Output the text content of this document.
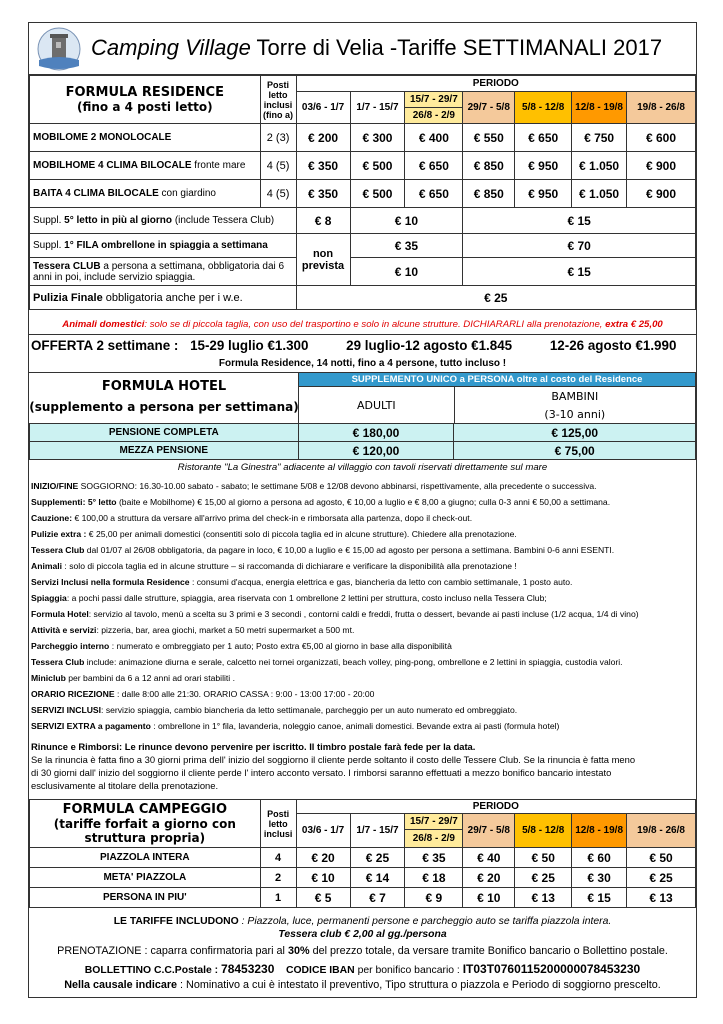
Camping Village Torre di Velia -Tariffe SETTIMANALI 2017
FORMULA RESIDENCE
(fino a 4 posti letto)	Posti letto inclusi (fino a)	PERIODO						
		03/6 - 1/7	1/7 - 15/7	15/7 - 29/7	29/7 - 5/8	5/8 - 12/8	12/8 - 19/8	19/8 - 26/8
				26/8 - 2/9				
MOBILOME 2 MONOLOCALE	2 (3)	€ 200	€ 300	€ 400	€ 550	€ 650	€ 750	€ 600
MOBILHOME 4 CLIMA BILOCALE fronte mare	4 (5)	€ 350	€ 500	€ 650	€ 850	€ 950	€ 1.050	€ 900
BAITA 4 CLIMA BILOCALE con giardino	4 (5)	€ 350	€ 500	€ 650	€ 850	€ 950	€ 1.050	€ 900
Suppl. 5° letto in più al giorno (include Tessera Club)		€ 8	€ 10		€ 15			
Suppl. 1° FILA ombrellone in spiaggia a settimana		non prevista	€ 35		€ 70			
Tessera CLUB a persona a settimana, obbligatoria dai 6 anni in poi, include servizio spiaggia.			€ 10		€ 15			
Pulizia Finale obbligatoria anche per i w.e.		€ 25						
Animali domestici: solo se di piccola taglia, con uso del trasportino e solo in alcune strutture. DICHIARARLI alla prenotazione, extra € 25,00
OFFERTA 2 settimane : 15-29 luglio €1.300	29 luglio-12 agosto €1.845	12-26 agosto €1.990
Formula Residence, 14 notti, fino a 4 persone, tutto incluso !
FORMULA HOTEL
(supplemento a persona per settimana)
SUPPLEMENTO UNICO a PERSONA oltre al costo del Residence
ADULTI	
BAMBINI
(3-10 anni)
PENSIONE COMPLETA	€ 180,00	€ 125,00
MEZZA PENSIONE	€ 120,00	€ 75,00
Ristorante "La Ginestra" adiacente al villaggio con tavoli riservati direttamente sul mare
INIZIO/FINE SOGGIORNO: 16.30-10.00 sabato - sabato; le settimane 5/08 e 12/08 devono abbinarsi, rispettivamente, alla precedente o successiva.
Supplementi: 5° letto (baite e Mobilhome) € 15,00 al giorno a persona ad agosto, € 10,00 a luglio e € 8,00 a giugno; culla 0-3 anni € 50,00 a settimana.
Cauzione: € 100,00 a struttura da versare all'arrivo prima del check-in e rimborsata alla partenza, dopo il check-out.
Pulizie extra : € 25,00 per animali domestici (consentiti solo di piccola taglia ed in alcune strutture). Chiedere alla prenotazione.
Tessera Club dal 01/07 al 26/08 obbligatoria, da pagare in loco, € 10,00 a luglio e € 15,00 ad agosto per persona a settimana. Bambini 0-6 anni ESENTI.
Animali : solo di piccola taglia ed in alcune strutture – si raccomanda di dichiarare e verificare la disponibilità alla prenotazione !
Servizi Inclusi nella formula Residence : consumi d'acqua, energia elettrica e gas, biancheria da letto con cambio settimanale, 1 posto auto.
Spiaggia: a pochi passi dalle strutture, spiaggia, area riservata con 1 ombrellone 2 lettini per struttura, costo incluso nella Tessera Club;
Formula Hotel: servizio al tavolo, menù a scelta su 3 primi e 3 secondi , contorni caldi e freddi, frutta o dessert, bevande ai pasti incluse (1/2 acqua, 1/4 di vino)
Attività e servizi: pizzeria, bar, area giochi, market a 50 metri supermarket a 500 mt.
Parcheggio interno : numerato e ombreggiato per 1 auto; Posto extra €5,00 al giorno in base alla disponibilità
Tessera Club include: animazione diurna e serale, calcetto nei tornei organizzati, beach volley, ping-pong, ombrellone e 2 lettini in spiaggia, custodia valori.
Miniclub per bambini da 6 a 12 anni ad orari stabiliti .
ORARIO RICEZIONE : dalle 8:00 alle 21:30. ORARIO CASSA : 9:00 - 13:00 17:00 - 20:00
SERVIZI INCLUSI: servizio spiaggia, cambio biancheria da letto settimanale, parcheggio per un auto numerato ed ombreggiato.
SERVIZI EXTRA a pagamento : ombrellone in 1° fila, lavanderia, noleggio canoe, animali domestici. Bevande extra ai pasti (formula hotel)
Rinunce e Rimborsi: Le rinunce devono pervenire per iscritto. Il timbro postale farà fede per la data.
Se la rinuncia è fatta fino a 30 giorni prima dell' inizio del soggiorno il cliente perde soltanto il costo delle Tessere Club. Se la rinuncia è fatta meno
di 30 giorni dall' inizio del soggiorno il cliente perde l' intero acconto versato. I rimborsi saranno effettuati a mezzo bonifico bancario intestato
esclusivamente al titolare della prenotazione.
FORMULA CAMPEGGIO
(tariffe forfait a giorno con struttura propria)	Posti letto inclusi	PERIODO						
		03/6 - 1/7	1/7 - 15/7	15/7 - 29/7	29/7 - 5/8	5/8 - 12/8	12/8 - 19/8	19/8 - 26/8
				26/8 - 2/9				
PIAZZOLA INTERA	4	€ 20	€ 25	€ 35	€ 40	€ 50	€ 60	€ 50
META' PIAZZOLA	2	€ 10	€ 14	€ 18	€ 20	€ 25	€ 30	€ 25
PERSONA IN PIU'	1	€ 5	€ 7	€ 9	€ 10	€ 13	€ 15	€ 13
LE TARIFFE INCLUDONO : Piazzola, luce, permanenti persone e parcheggio auto se tariffa piazzola intera.
Tessera club € 2,00 al gg./persona
PRENOTAZIONE : caparra confirmatoria pari al 30% del prezzo totale, da versare tramite Bonifico bancario o Bollettino postale.
BOLLETTINO C.C.Postale : 78453230 CODICE IBAN per bonifico bancario : IT03T0760115200000078453230
Nella causale indicare : Nominativo a cui è intestato il preventivo, Tipo struttura o piazzola e Periodo di soggiorno prescelto.
